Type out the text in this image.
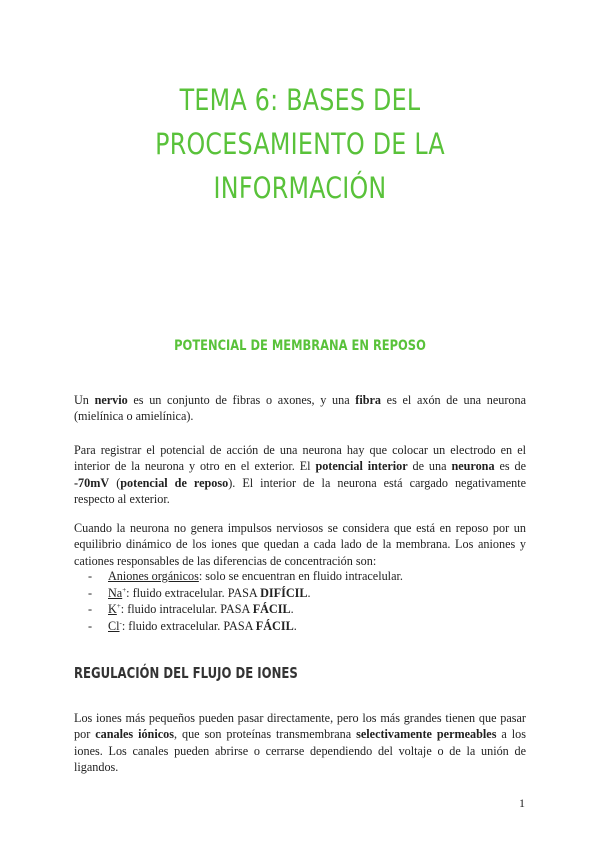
TEMA 6: BASES DEL PROCESAMIENTO DE LA INFORMACIÓN
POTENCIAL DE MEMBRANA EN REPOSO

Un nervio es un conjunto de fibras o axones, y una fibra es el axón de una neurona (mielínica o amielínica).

Para registrar el potencial de acción de una neurona hay que colocar un electrodo en el interior de la neurona y otro en el exterior. El potencial interior de una neurona es de -70mV (potencial de reposo). El interior de la neurona está cargado negativamente respecto al exterior.

Cuando la neurona no genera impulsos nerviosos se considera que está en reposo por un equilibrio dinámico de los iones que quedan a cada lado de la membrana. Los aniones y cationes responsables de las diferencias de concentración son:

- Aniones orgánicos: solo se encuentran en fluido intracelular.
- Na+: fluido extracelular. PASA DIFÍCIL.
- K+: fluido intracelular. PASA FÁCIL.
- Cl-: fluido extracelular. PASA FÁCIL.
REGULACIÓN DEL FLUJO DE IONES

Los iones más pequeños pueden pasar directamente, pero los más grandes tienen que pasar por canales iónicos, que son proteínas transmembrana selectivamente permeables a los iones. Los canales pueden abrirse o cerrarse dependiendo del voltaje o de la unión de ligandos.

1
